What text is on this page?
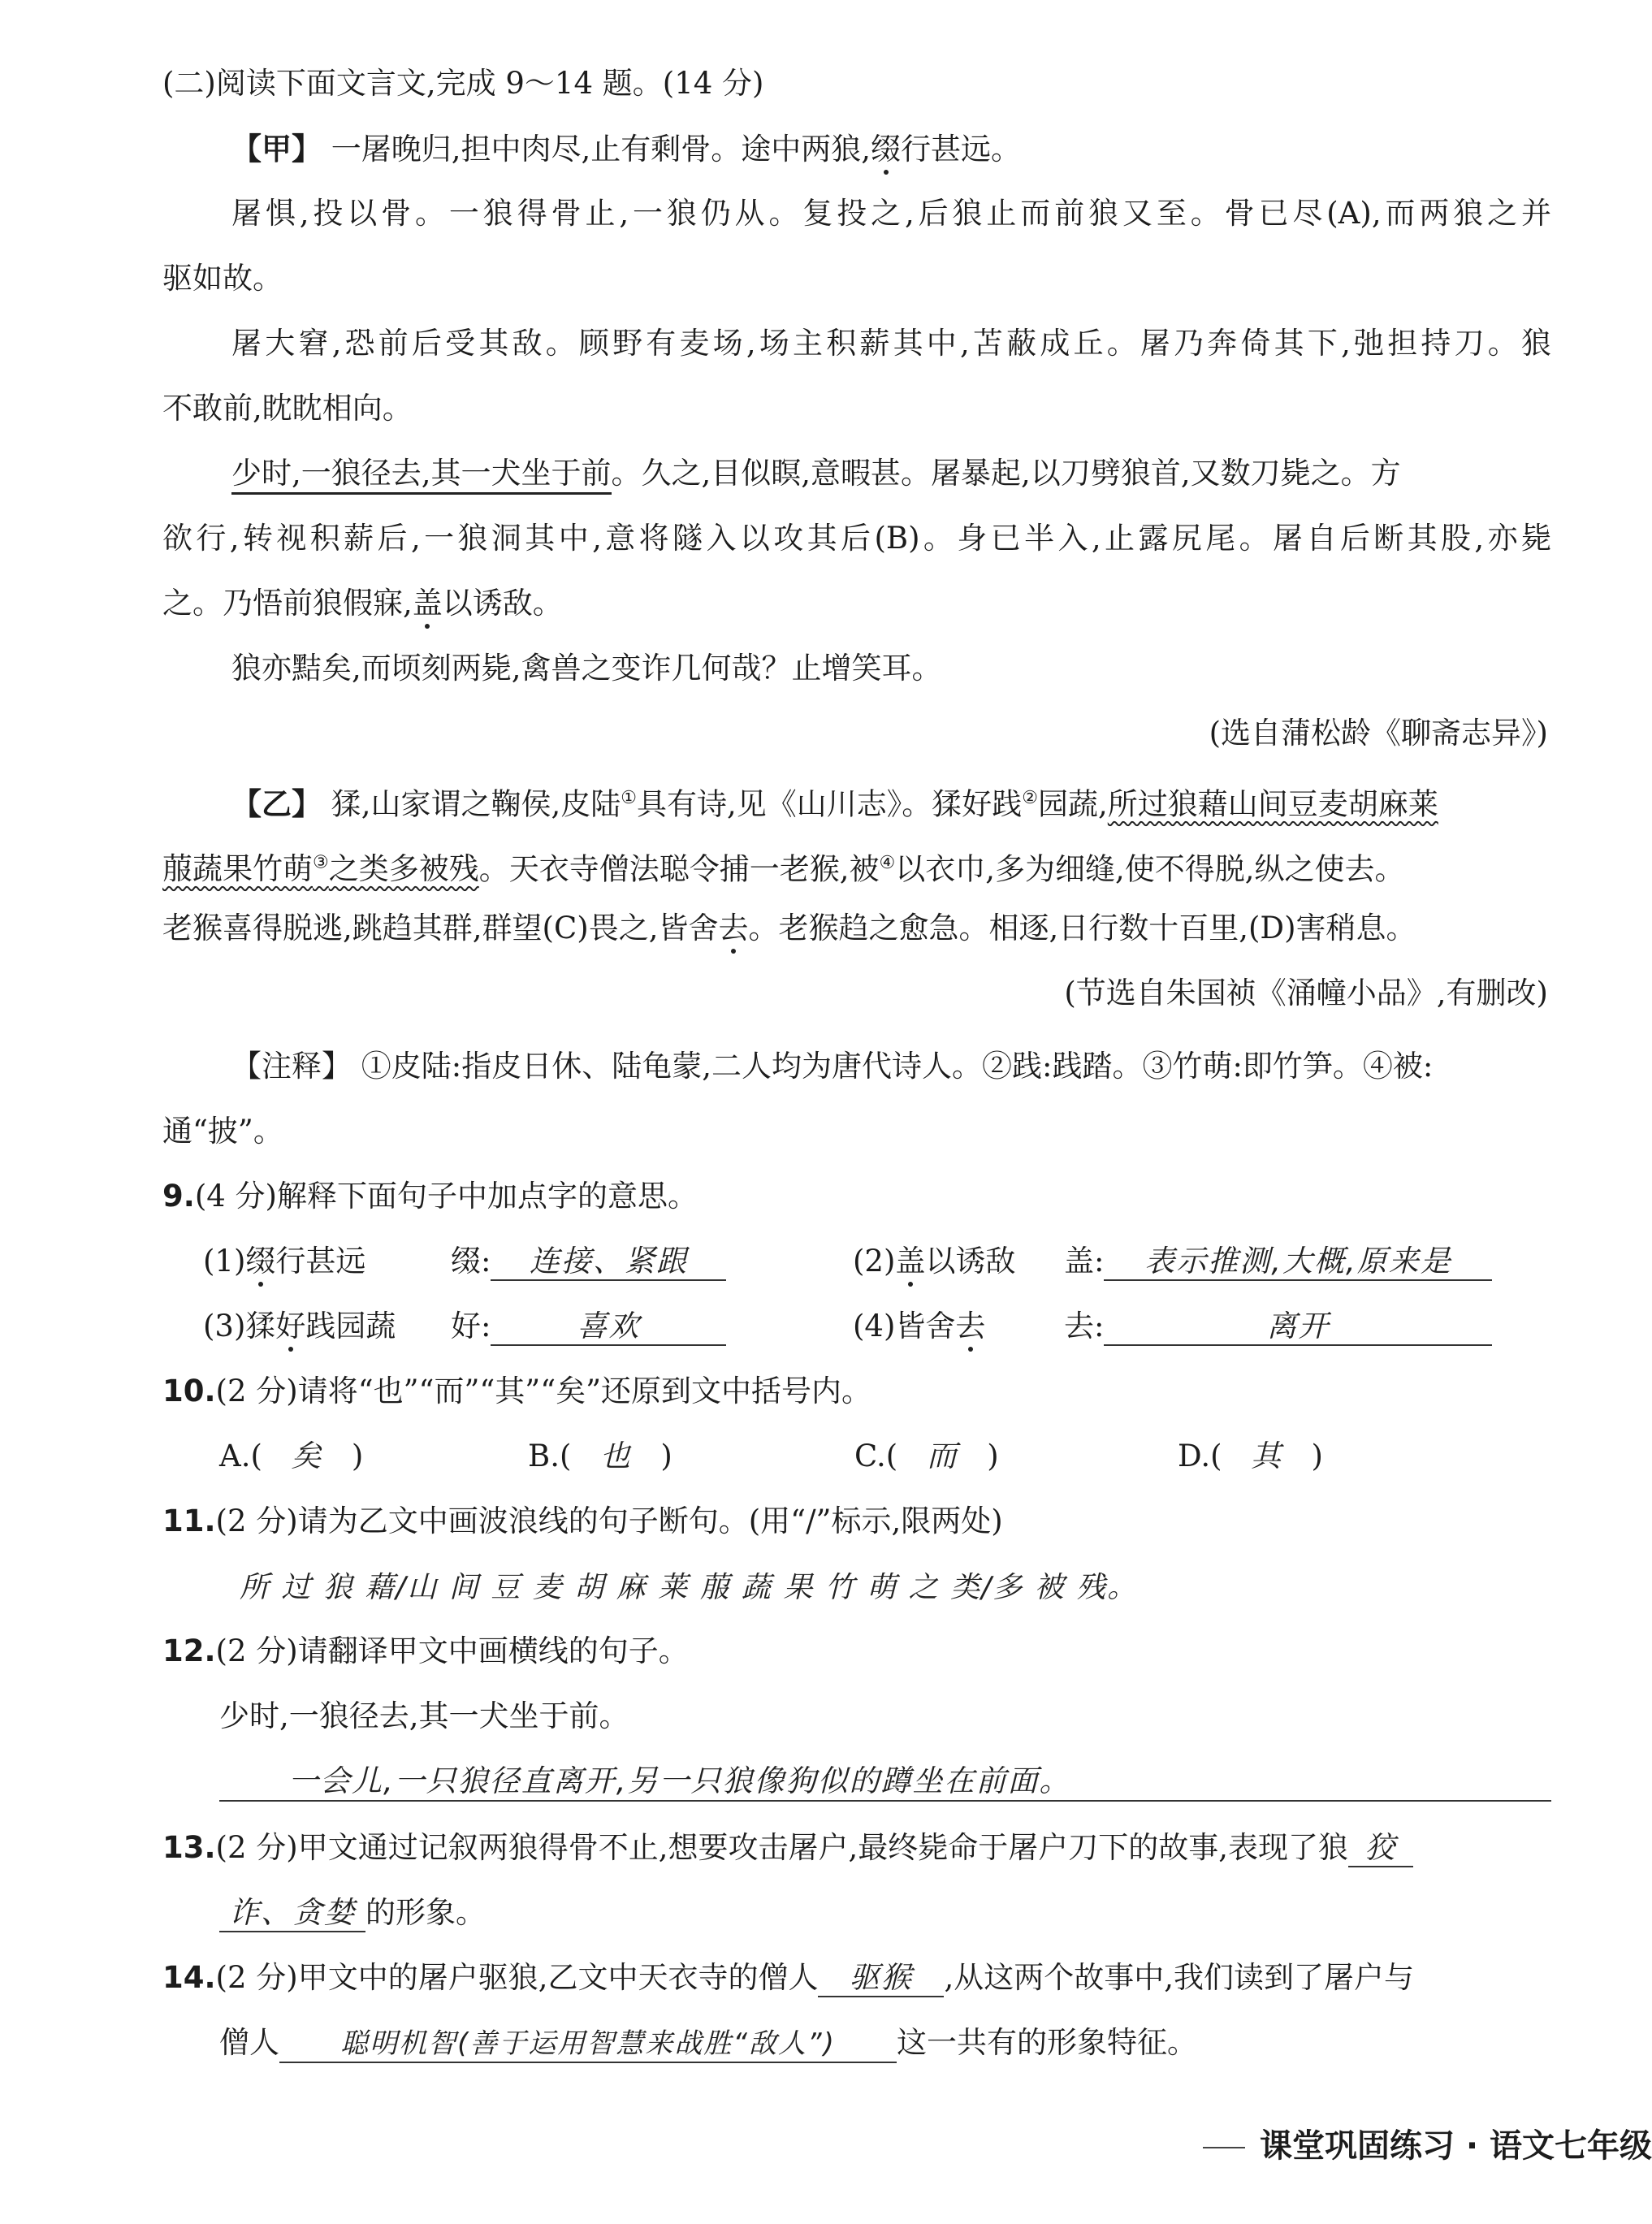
(二)阅读下面文言文,完成 9～14 题。(14 分)
【甲】 一屠晚归,担中肉尽,止有剩骨。途中两狼,缀行甚远。
屠惧,投以骨。一狼得骨止,一狼仍从。复投之,后狼止而前狼又至。骨已尽(A),而两狼之并
驱如故。
屠大窘,恐前后受其敌。顾野有麦场,场主积薪其中,苫蔽成丘。屠乃奔倚其下,弛担持刀。狼
不敢前,眈眈相向。
少时,一狼径去,其一犬坐于前。久之,目似瞑,意暇甚。屠暴起,以刀劈狼首,又数刀毙之。方
欲行,转视积薪后,一狼洞其中,意将隧入以攻其后(B)。身已半入,止露尻尾。屠自后断其股,亦毙
之。乃悟前狼假寐,盖以诱敌。
狼亦黠矣,而顷刻两毙,禽兽之变诈几何哉？止增笑耳。
(选自蒲松龄《聊斋志异》)
【乙】 猱,山家谓之鞠侯,皮陆①具有诗,见《山川志》。猱好践②园蔬,所过狼藉山间豆麦胡麻莱
菔蔬果竹萌③之类多被残。天衣寺僧法聪令捕一老猴,被④以衣巾,多为细缝,使不得脱,纵之使去。
老猴喜得脱逃,跳趋其群,群望(C)畏之,皆舍去。老猴趋之愈急。相逐,日行数十百里,(D)害稍息。
(节选自朱国祯《涌幢小品》,有删改)
【注释】 ①皮陆:指皮日休、陆龟蒙,二人均为唐代诗人。②践:践踏。③竹萌:即竹笋。④被:
通“披”。
9.(4 分)解释下面句子中加点字的意思。
(1)缀行甚远	缀: 连接、紧跟	(2)盖以诱敌 盖: 表示推测,大概,原来是
(3)猱好践园蔬 好:	喜欢	(4)皆舍去	去:	离开
10.(2 分)请将“也”“而”“其”“矣”还原到文中括号内。
A.( 矣 )	B.( 也 )	C.( 而 )	D.( 其 )
11.(2 分)请为乙文中画波浪线的句子断句。(用“/”标示,限两处)
所 过 狼 藉/山 间 豆 麦 胡 麻 莱 菔 蔬 果 竹 萌 之 类/多 被 残。
12.(2 分)请翻译甲文中画横线的句子。
少时,一狼径去,其一犬坐于前。
一会儿,一只狼径直离开,另一只狼像狗似的蹲坐在前面。
13.(2 分)甲文通过记叙两狼得骨不止,想要攻击屠户,最终毙命于屠户刀下的故事,表现了狼 狡
诈、贪婪 的形象。
14.(2 分)甲文中的屠户驱狼,乙文中天衣寺的僧人 驱猴 ,从这两个故事中,我们读到了屠户与
僧人 聪明机智(善于运用智慧来战胜“敌人”) 这一共有的形象特征。
课堂巩固练习 · 语文七年级
